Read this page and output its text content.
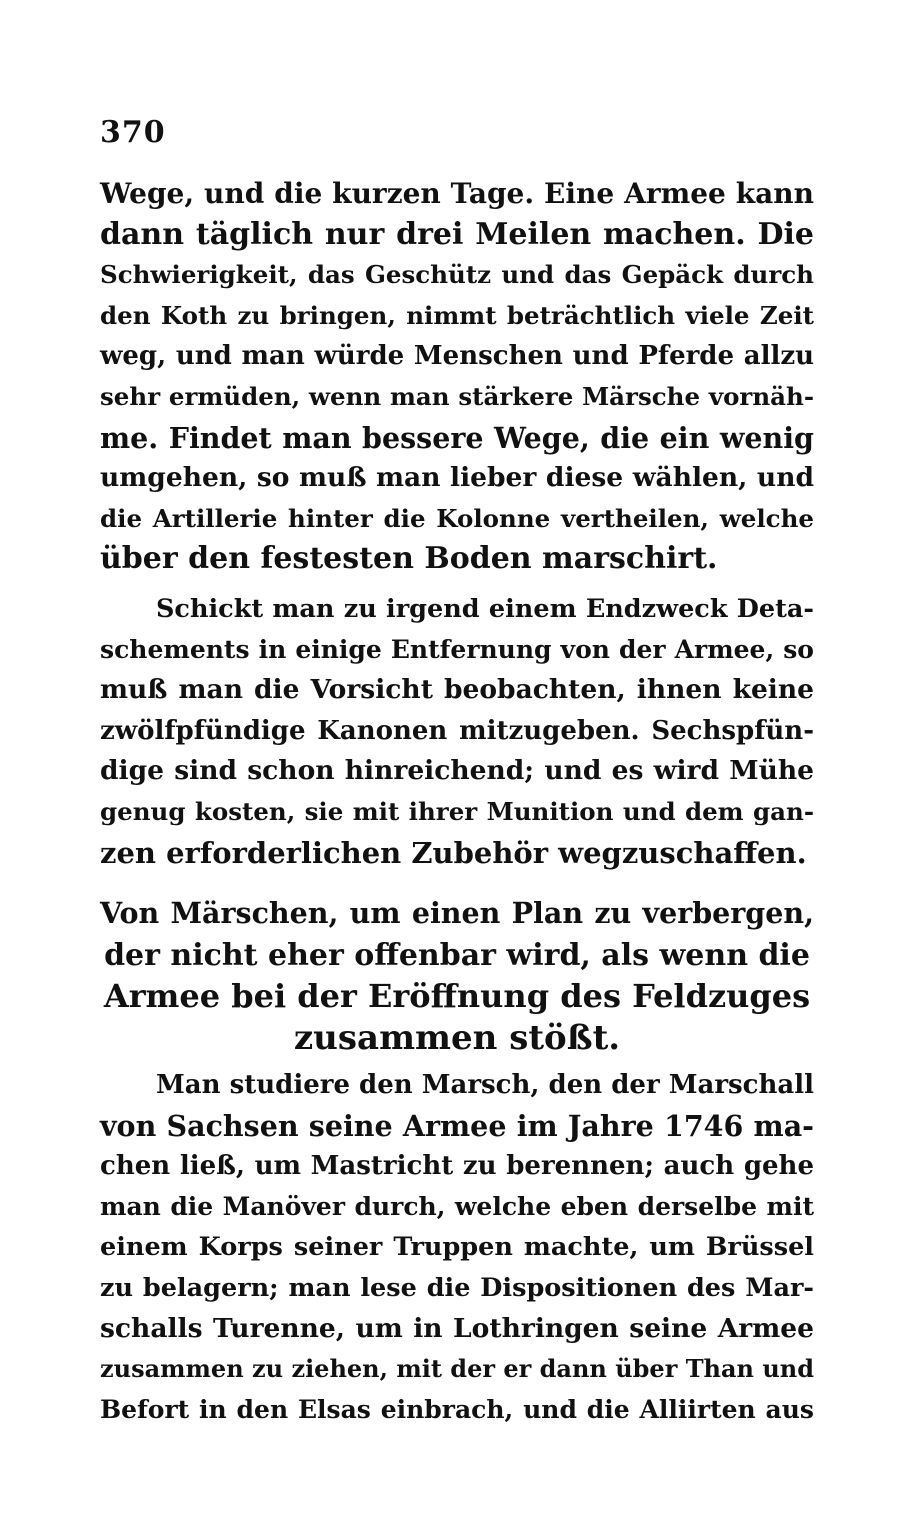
370
Wege, und die kurzen Tage. Eine Armee kann
dann täglich nur drei Meilen machen. Die
Schwierigkeit, das Geschütz und das Gepäck durch
den Koth zu bringen, nimmt beträchtlich viele Zeit
weg, und man würde Menschen und Pferde allzu
sehr ermüden, wenn man stärkere Märsche vornäh-
me. Findet man bessere Wege, die ein wenig
umgehen, so muß man lieber diese wählen, und
die Artillerie hinter die Kolonne vertheilen, welche
über den festesten Boden marschirt.
Schickt man zu irgend einem Endzweck Deta-
schements in einige Entfernung von der Armee, so
muß man die Vorsicht beobachten, ihnen keine
zwölfpfündige Kanonen mitzugeben. Sechspfün-
dige sind schon hinreichend; und es wird Mühe
genug kosten, sie mit ihrer Munition und dem gan-
zen erforderlichen Zubehör wegzuschaffen.
Von Märschen, um einen Plan zu verbergen,
der nicht eher offenbar wird, als wenn die
Armee bei der Eröffnung des Feldzuges
zusammen stößt.
Man studiere den Marsch, den der Marschall
von Sachsen seine Armee im Jahre 1746 ma-
chen ließ, um Mastricht zu berennen; auch gehe
man die Manöver durch, welche eben derselbe mit
einem Korps seiner Truppen machte, um Brüssel
zu belagern; man lese die Dispositionen des Mar-
schalls Turenne, um in Lothringen seine Armee
zusammen zu ziehen, mit der er dann über Than und
Befort in den Elsas einbrach, und die Alliirten aus
